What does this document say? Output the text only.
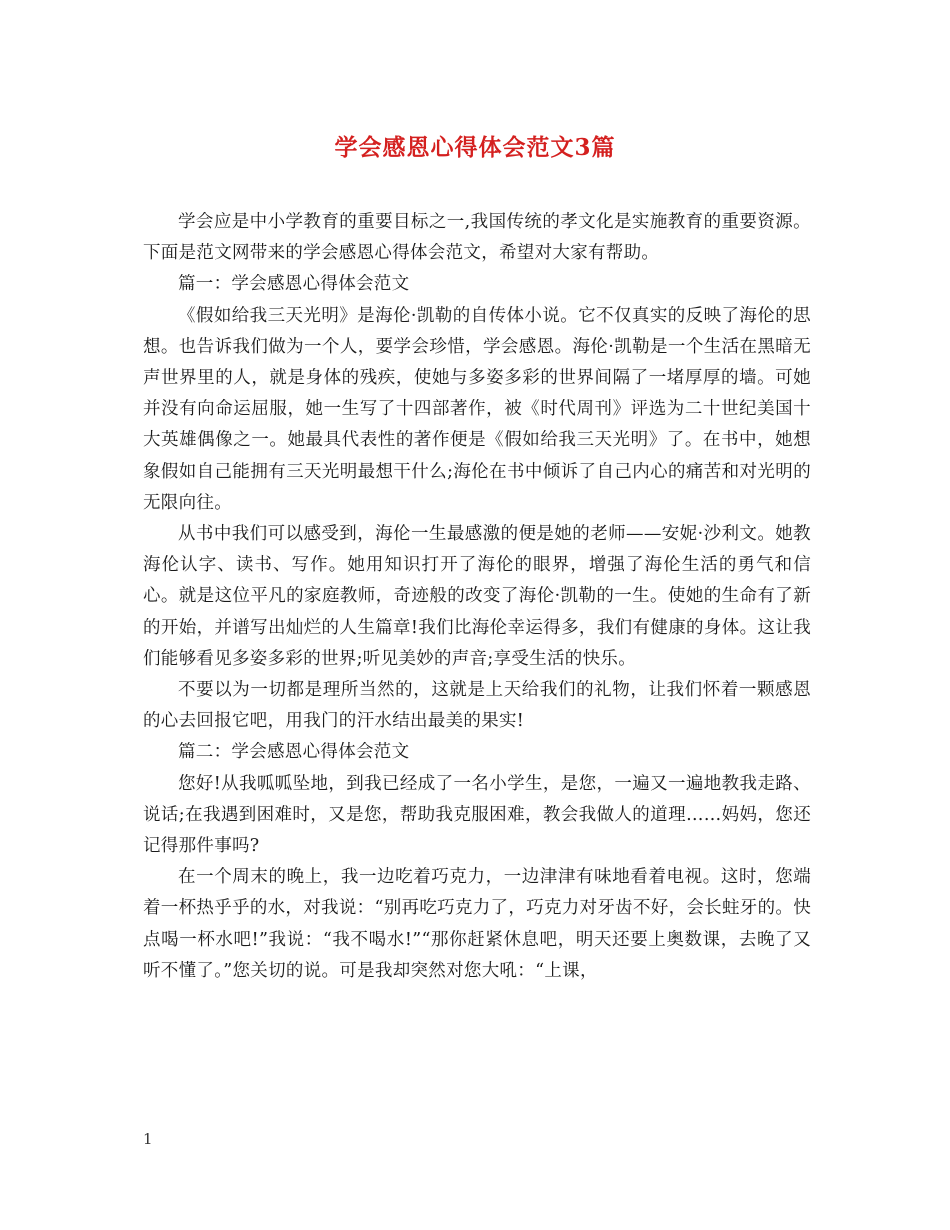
学会感恩心得体会范文3篇

学会应是中小学教育的重要目标之一,我国传统的孝文化是实施教育的重要资源。下面是范文网带来的学会感恩心得体会范文，希望对大家有帮助。

篇一：学会感恩心得体会范文

《假如给我三天光明》是海伦·凯勒的自传体小说。它不仅真实的反映了海伦的思想。也告诉我们做为一个人，要学会珍惜，学会感恩。海伦·凯勒是一个生活在黑暗无声世界里的人，就是身体的残疾，使她与多姿多彩的世界间隔了一堵厚厚的墙。可她并没有向命运屈服，她一生写了十四部著作，被《时代周刊》评选为二十世纪美国十大英雄偶像之一。她最具代表性的著作便是《假如给我三天光明》了。在书中，她想象假如自己能拥有三天光明最想干什么;海伦在书中倾诉了自己内心的痛苦和对光明的无限向往。

从书中我们可以感受到，海伦一生最感激的便是她的老师——安妮·沙利文。她教海伦认字、读书、写作。她用知识打开了海伦的眼界，增强了海伦生活的勇气和信心。就是这位平凡的家庭教师，奇迹般的改变了海伦·凯勒的一生。使她的生命有了新的开始，并谱写出灿烂的人生篇章!我们比海伦幸运得多，我们有健康的身体。这让我们能够看见多姿多彩的世界;听见美妙的声音;享受生活的快乐。

不要以为一切都是理所当然的，这就是上天给我们的礼物，让我们怀着一颗感恩的心去回报它吧，用我门的汗水结出最美的果实!

篇二：学会感恩心得体会范文

您好!从我呱呱坠地，到我已经成了一名小学生，是您，一遍又一遍地教我走路、说话;在我遇到困难时，又是您，帮助我克服困难，教会我做人的道理……妈妈，您还记得那件事吗?

在一个周末的晚上，我一边吃着巧克力，一边津津有味地看着电视。这时，您端着一杯热乎乎的水，对我说：“别再吃巧克力了，巧克力对牙齿不好，会长蛀牙的。快点喝一杯水吧!”我说：“我不喝水!”“那你赶紧休息吧，明天还要上奥数课，去晚了又听不懂了。”您关切的说。可是我却突然对您大吼：“上课，

1
